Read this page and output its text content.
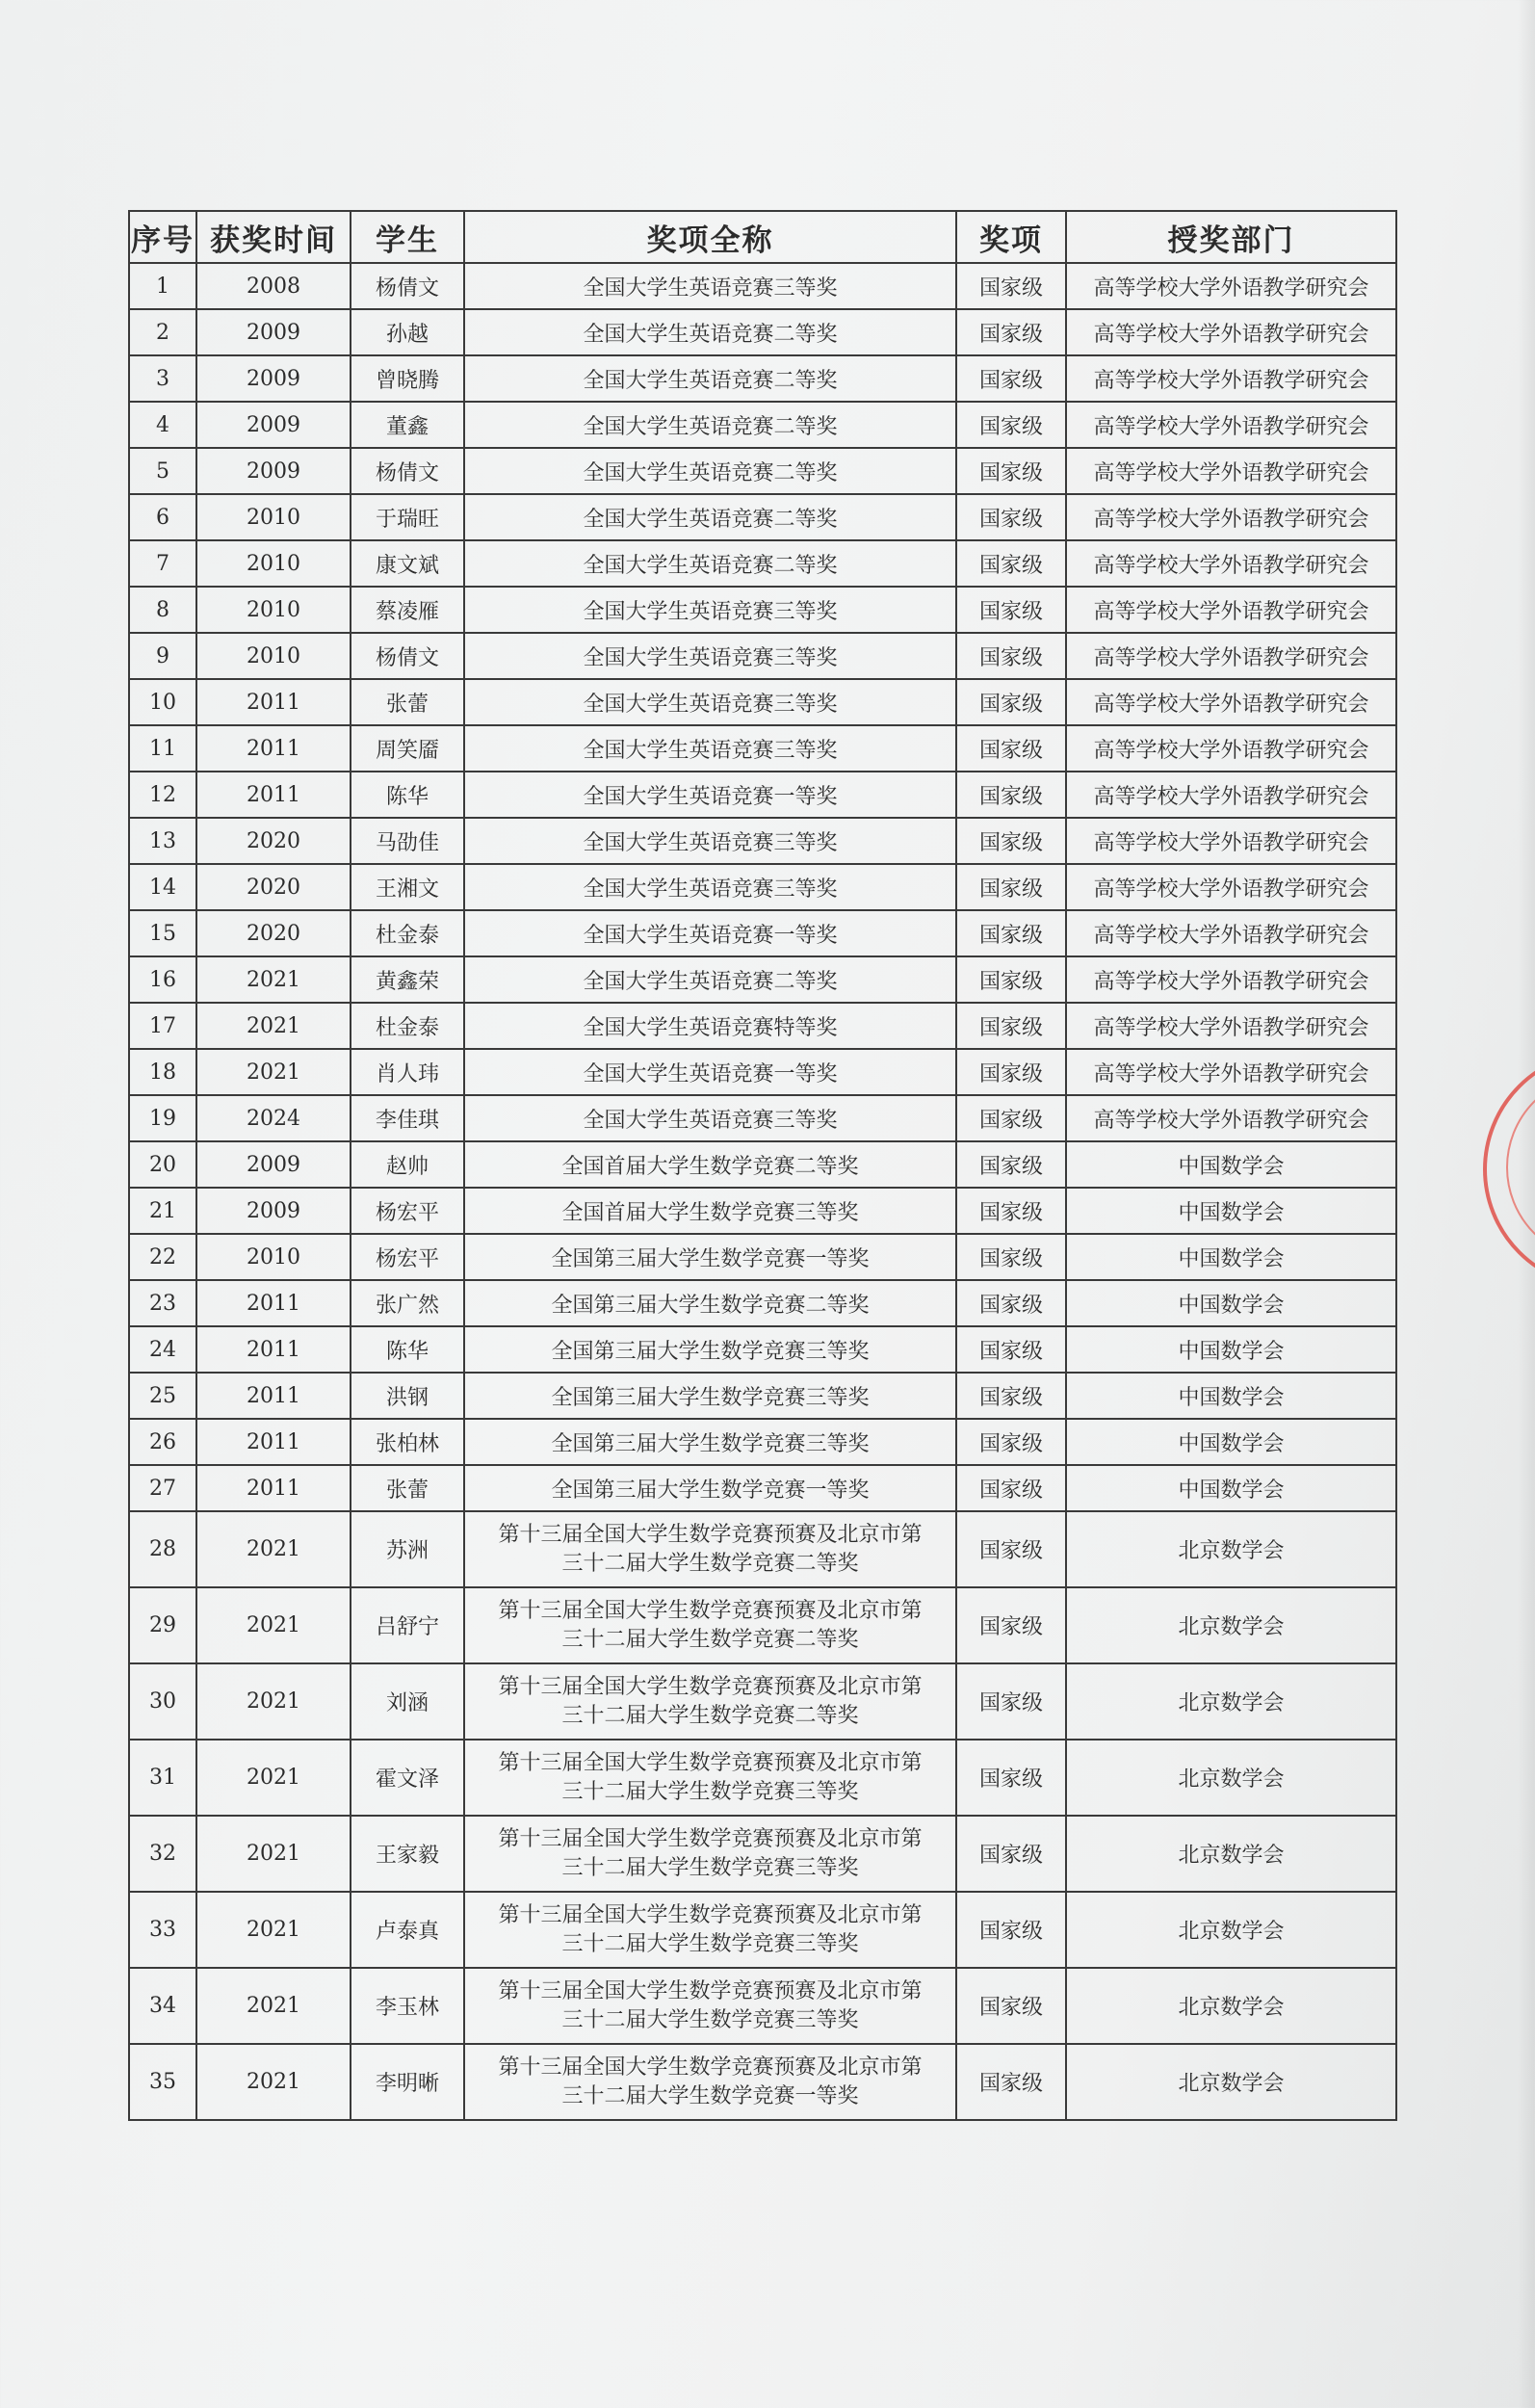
序号	获奖时间	学生	奖项全称	奖项	授奖部门
1	2008	杨倩文	全国大学生英语竞赛三等奖	国家级	高等学校大学外语教学研究会
2	2009	孙越	全国大学生英语竞赛二等奖	国家级	高等学校大学外语教学研究会
3	2009	曾晓腾	全国大学生英语竞赛二等奖	国家级	高等学校大学外语教学研究会
4	2009	董鑫	全国大学生英语竞赛二等奖	国家级	高等学校大学外语教学研究会
5	2009	杨倩文	全国大学生英语竞赛二等奖	国家级	高等学校大学外语教学研究会
6	2010	于瑞旺	全国大学生英语竞赛二等奖	国家级	高等学校大学外语教学研究会
7	2010	康文斌	全国大学生英语竞赛二等奖	国家级	高等学校大学外语教学研究会
8	2010	蔡凌雁	全国大学生英语竞赛三等奖	国家级	高等学校大学外语教学研究会
9	2010	杨倩文	全国大学生英语竞赛三等奖	国家级	高等学校大学外语教学研究会
10	2011	张蕾	全国大学生英语竞赛三等奖	国家级	高等学校大学外语教学研究会
11	2011	周笑靥	全国大学生英语竞赛三等奖	国家级	高等学校大学外语教学研究会
12	2011	陈华	全国大学生英语竞赛一等奖	国家级	高等学校大学外语教学研究会
13	2020	马劭佳	全国大学生英语竞赛三等奖	国家级	高等学校大学外语教学研究会
14	2020	王湘文	全国大学生英语竞赛三等奖	国家级	高等学校大学外语教学研究会
15	2020	杜金泰	全国大学生英语竞赛一等奖	国家级	高等学校大学外语教学研究会
16	2021	黄鑫荣	全国大学生英语竞赛二等奖	国家级	高等学校大学外语教学研究会
17	2021	杜金泰	全国大学生英语竞赛特等奖	国家级	高等学校大学外语教学研究会
18	2021	肖人玮	全国大学生英语竞赛一等奖	国家级	高等学校大学外语教学研究会
19	2024	李佳琪	全国大学生英语竞赛三等奖	国家级	高等学校大学外语教学研究会
20	2009	赵帅	全国首届大学生数学竞赛二等奖	国家级	中国数学会
21	2009	杨宏平	全国首届大学生数学竞赛三等奖	国家级	中国数学会
22	2010	杨宏平	全国第三届大学生数学竞赛一等奖	国家级	中国数学会
23	2011	张广然	全国第三届大学生数学竞赛二等奖	国家级	中国数学会
24	2011	陈华	全国第三届大学生数学竞赛三等奖	国家级	中国数学会
25	2011	洪钢	全国第三届大学生数学竞赛三等奖	国家级	中国数学会
26	2011	张柏林	全国第三届大学生数学竞赛三等奖	国家级	中国数学会
27	2011	张蕾	全国第三届大学生数学竞赛一等奖	国家级	中国数学会
28	2021	苏洲	第十三届全国大学生数学竞赛预赛及北京市第
三十二届大学生数学竞赛二等奖	国家级	北京数学会
29	2021	吕舒宁	第十三届全国大学生数学竞赛预赛及北京市第
三十二届大学生数学竞赛二等奖	国家级	北京数学会
30	2021	刘涵	第十三届全国大学生数学竞赛预赛及北京市第
三十二届大学生数学竞赛二等奖	国家级	北京数学会
31	2021	霍文泽	第十三届全国大学生数学竞赛预赛及北京市第
三十二届大学生数学竞赛三等奖	国家级	北京数学会
32	2021	王家毅	第十三届全国大学生数学竞赛预赛及北京市第
三十二届大学生数学竞赛三等奖	国家级	北京数学会
33	2021	卢泰真	第十三届全国大学生数学竞赛预赛及北京市第
三十二届大学生数学竞赛三等奖	国家级	北京数学会
34	2021	李玉林	第十三届全国大学生数学竞赛预赛及北京市第
三十二届大学生数学竞赛三等奖	国家级	北京数学会
35	2021	李明晰	第十三届全国大学生数学竞赛预赛及北京市第
三十二届大学生数学竞赛一等奖	国家级	北京数学会
